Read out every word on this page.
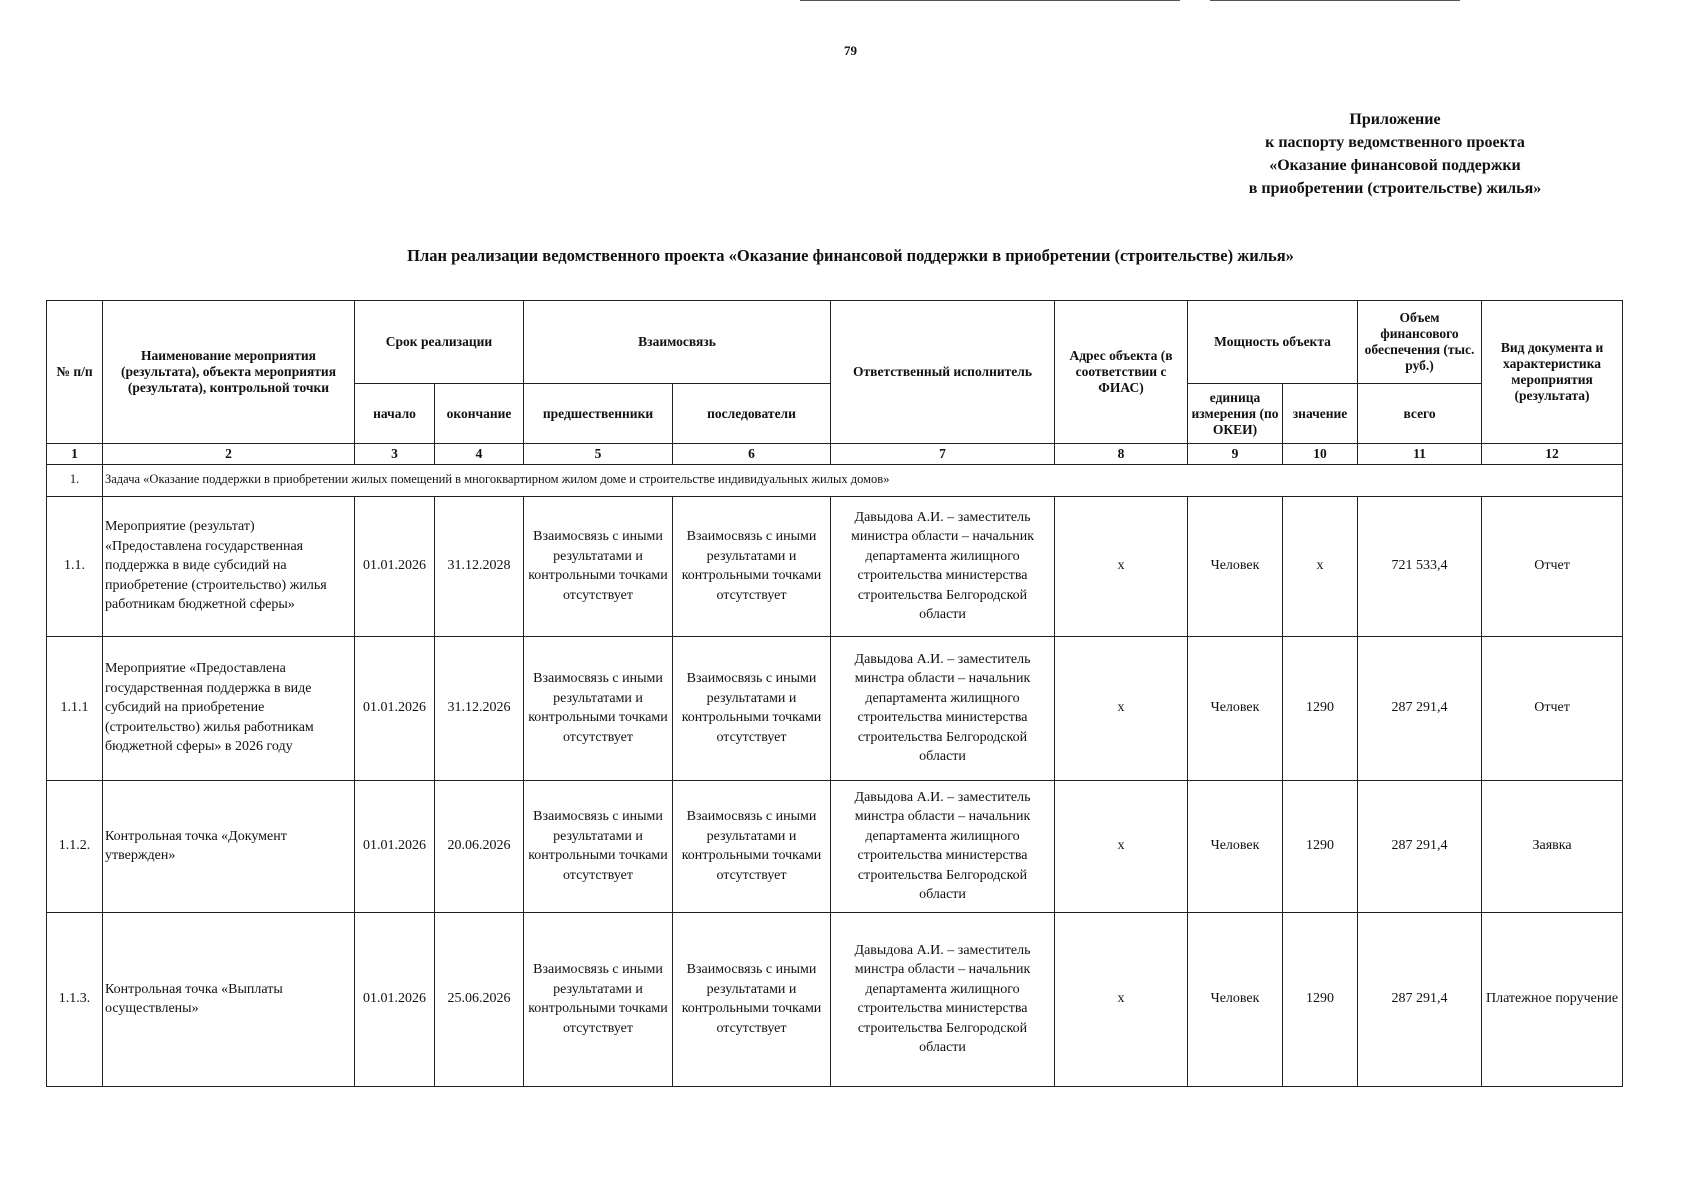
79
Приложение
к паспорту ведомственного проекта
«Оказание финансовой поддержки
в приобретении (строительстве) жилья»
План реализации ведомственного проекта «Оказание финансовой поддержки в приобретении (строительстве) жилья»
№ п/п	Наименование мероприятия (результата), объекта мероприятия (результата), контрольной точки	Срок реализации		Взаимосвязь		Ответственный исполнитель	Адрес объекта (в соответствии с ФИАС)	Мощность объекта		Объем финансового обеспечения (тыс. руб.)	Вид документа и характеристика мероприятия (результата)
		начало	окончание	предшественники	последователи			единица измерения (по ОКЕИ)	значение	всего	
1	2	3	4	5	6	7	8	9	10	11	12
1.	Задача «Оказание поддержки в приобретении жилых помещений в многоквартирном жилом доме и строительстве индивидуальных жилых домов»										
1.1.	Мероприятие (результат) «Предоставлена государственная поддержка в виде субсидий на приобретение (строительство) жилья работникам бюджетной сферы»	01.01.2026	31.12.2028	Взаимосвязь с иными результатами и контрольными точками отсутствует	Взаимосвязь с иными результатами и контрольными точками отсутствует	Давыдова А.И. – заместитель министра области – начальник департамента жилищного строительства министерства строительства Белгородской области	х	Человек	х	721 533,4	Отчет
1.1.1	Мероприятие «Предоставлена государственная поддержка в виде субсидий на приобретение (строительство) жилья работникам бюджетной сферы» в 2026 году	01.01.2026	31.12.2026	Взаимосвязь с иными результатами и контрольными точками отсутствует	Взаимосвязь с иными результатами и контрольными точками отсутствует	Давыдова А.И. – заместитель минстра области – начальник департамента жилищного строительства министерства строительства Белгородской области	х	Человек	1290	287 291,4	Отчет
1.1.2.	Контрольная точка «Документ утвержден»	01.01.2026	20.06.2026	Взаимосвязь с иными результатами и контрольными точками отсутствует	Взаимосвязь с иными результатами и контрольными точками отсутствует	Давыдова А.И. – заместитель минстра области – начальник департамента жилищного строительства министерства строительства Белгородской области	х	Человек	1290	287 291,4	Заявка
1.1.3.	Контрольная точка «Выплаты осуществлены»	01.01.2026	25.06.2026	Взаимосвязь с иными результатами и контрольными точками отсутствует	Взаимосвязь с иными результатами и контрольными точками отсутствует	Давыдова А.И. – заместитель минстра области – начальник департамента жилищного строительства министерства строительства Белгородской области	х	Человек	1290	287 291,4	Платежное поручение
